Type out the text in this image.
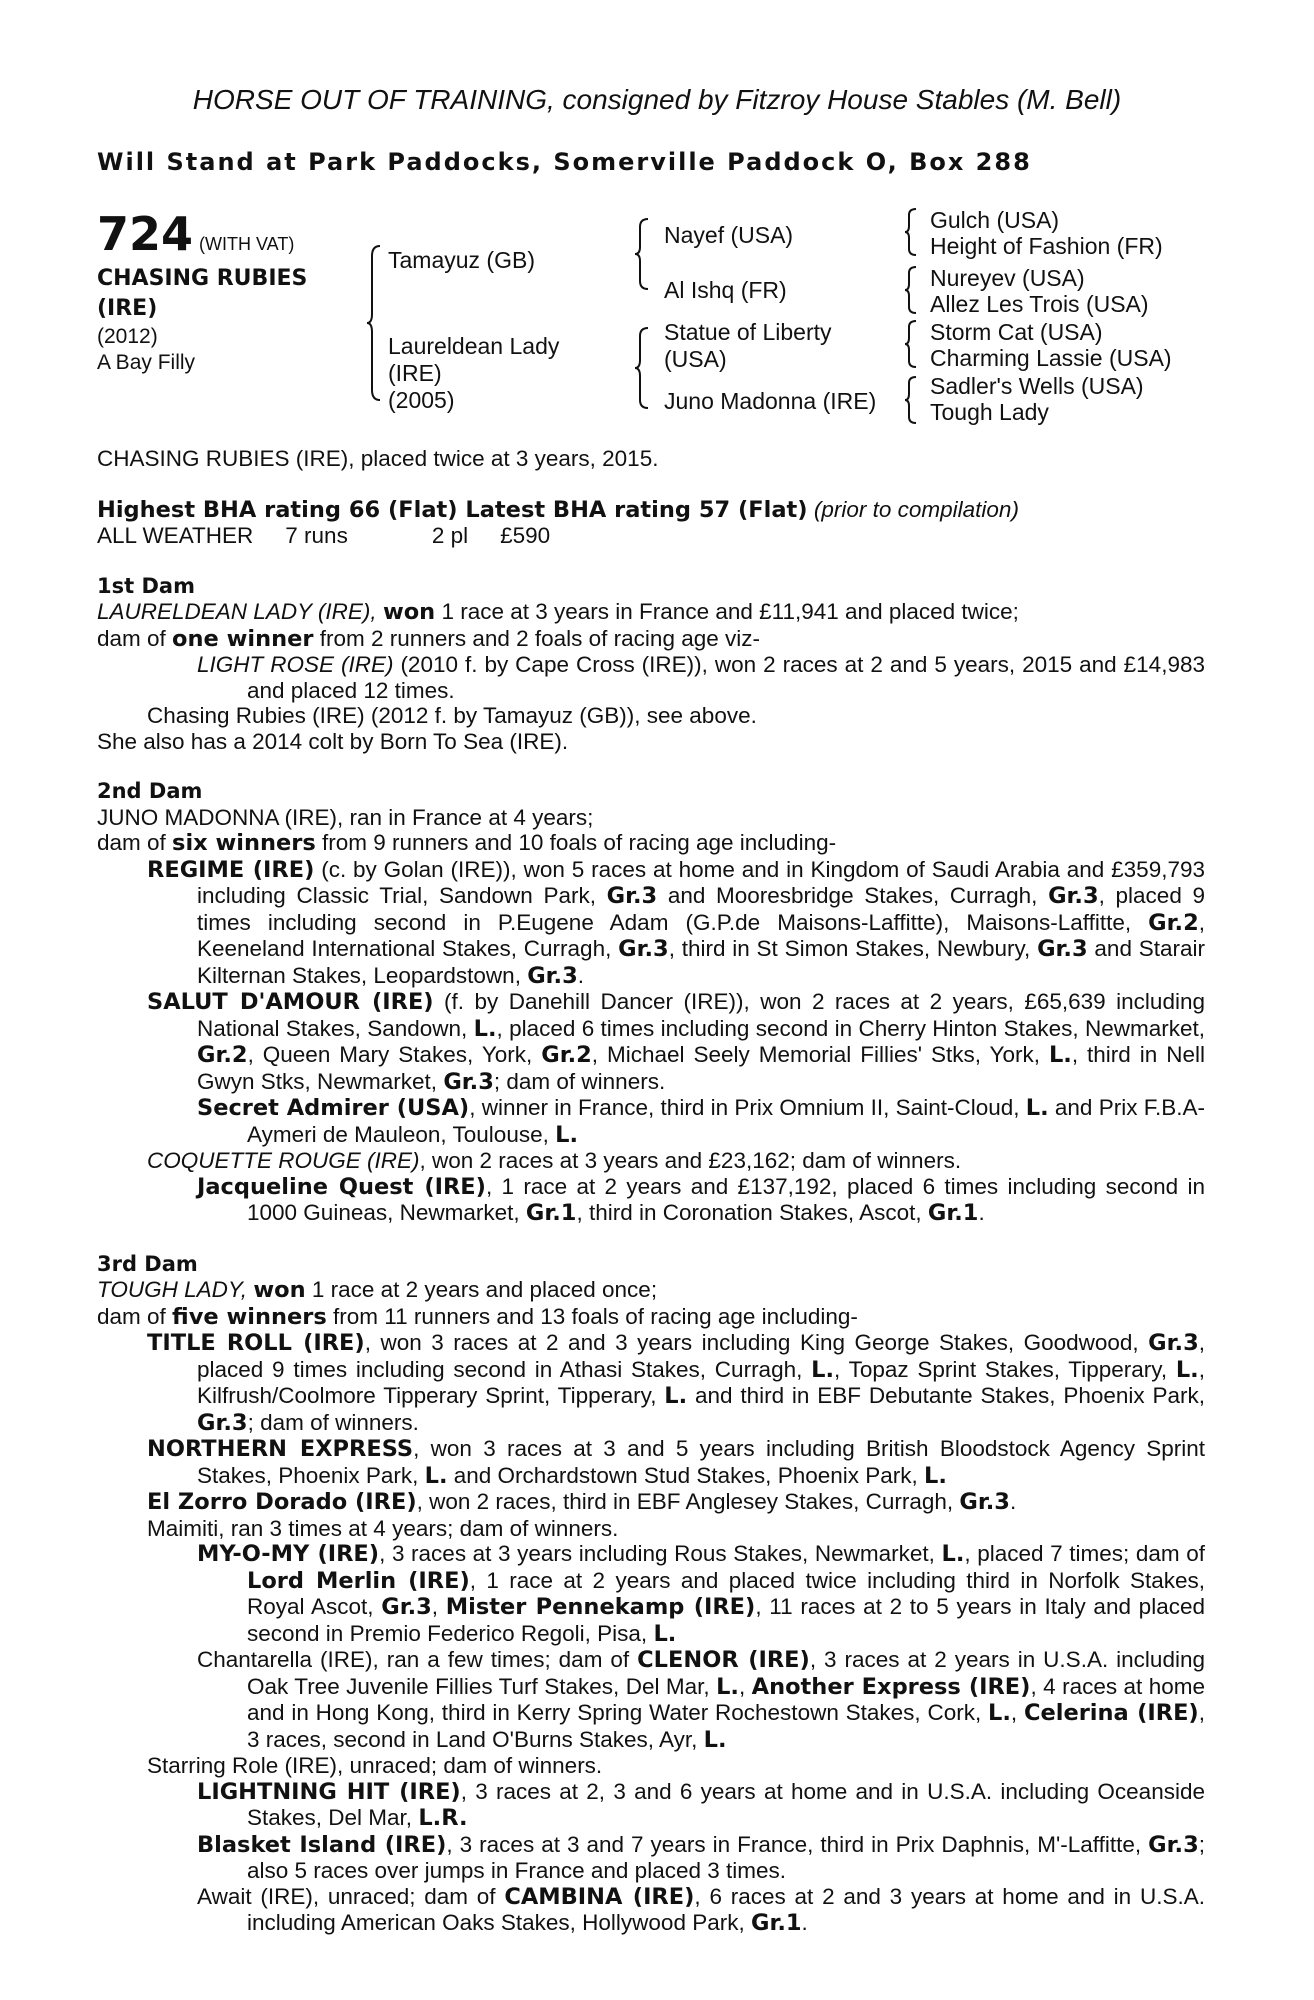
HORSE OUT OF TRAINING, consigned by Fitzroy House Stables (M. Bell)
Will Stand at Park Paddocks, Somerville Paddock O, Box 288
724 (WITH VAT)
CHASING RUBIES
(IRE)
(2012)
A Bay Filly
Tamayuz (GB)
Laureldean Lady
(IRE)
(2005)
Nayef (USA)
Al Ishq (FR)
Statue of Liberty
(USA)
Juno Madonna (IRE)
Gulch (USA)
Height of Fashion (FR)
Nureyev (USA)
Allez Les Trois (USA)
Storm Cat (USA)
Charming Lassie (USA)
Sadler's Wells (USA)
Tough Lady

CHASING RUBIES (IRE), placed twice at 3 years, 2015.

Highest BHA rating 66 (Flat) Latest BHA rating 57 (Flat) (prior to compilation)

ALL WEATHER 7 runs	2 pl £590

1st Dam

LAURELDEAN LADY (IRE), won 1 race at 3 years in France and £11,941 and placed twice;

dam of one winner from 2 runners and 2 foals of racing age viz-

LIGHT ROSE (IRE) (2010 f. by Cape Cross (IRE)), won 2 races at 2 and 5 years, 2015 and £14,983 and placed 12 times.

Chasing Rubies (IRE) (2012 f. by Tamayuz (GB)), see above.

She also has a 2014 colt by Born To Sea (IRE).

2nd Dam

JUNO MADONNA (IRE), ran in France at 4 years;

dam of six winners from 9 runners and 10 foals of racing age including-

REGIME (IRE) (c. by Golan (IRE)), won 5 races at home and in Kingdom of Saudi Arabia and £359,793 including Classic Trial, Sandown Park, Gr.3 and Mooresbridge Stakes, Curragh, Gr.3, placed 9 times including second in P.Eugene Adam (G.P.de Maisons-Laffitte), Maisons-Laffitte, Gr.2, Keeneland International Stakes, Curragh, Gr.3, third in St Simon Stakes, Newbury, Gr.3 and Starair Kilternan Stakes, Leopardstown, Gr.3.

SALUT D'AMOUR (IRE) (f. by Danehill Dancer (IRE)), won 2 races at 2 years, £65,639 including National Stakes, Sandown, L., placed 6 times including second in Cherry Hinton Stakes, Newmarket, Gr.2, Queen Mary Stakes, York, Gr.2, Michael Seely Memorial Fillies' Stks, York, L., third in Nell Gwyn Stks, Newmarket, Gr.3; dam of winners.

Secret Admirer (USA), winner in France, third in Prix Omnium II, Saint-Cloud, L. and Prix F.B.A-Aymeri de Mauleon, Toulouse, L.

COQUETTE ROUGE (IRE), won 2 races at 3 years and £23,162; dam of winners.

Jacqueline Quest (IRE), 1 race at 2 years and £137,192, placed 6 times including second in 1000 Guineas, Newmarket, Gr.1, third in Coronation Stakes, Ascot, Gr.1.

3rd Dam

TOUGH LADY, won 1 race at 2 years and placed once;

dam of five winners from 11 runners and 13 foals of racing age including-

TITLE ROLL (IRE), won 3 races at 2 and 3 years including King George Stakes, Goodwood, Gr.3, placed 9 times including second in Athasi Stakes, Curragh, L., Topaz Sprint Stakes, Tipperary, L., Kilfrush/Coolmore Tipperary Sprint, Tipperary, L. and third in EBF Debutante Stakes, Phoenix Park, Gr.3; dam of winners.

NORTHERN EXPRESS, won 3 races at 3 and 5 years including British Bloodstock Agency Sprint Stakes, Phoenix Park, L. and Orchardstown Stud Stakes, Phoenix Park, L.

El Zorro Dorado (IRE), won 2 races, third in EBF Anglesey Stakes, Curragh, Gr.3.

Maimiti, ran 3 times at 4 years; dam of winners.

MY-O-MY (IRE), 3 races at 3 years including Rous Stakes, Newmarket, L., placed 7 times; dam of Lord Merlin (IRE), 1 race at 2 years and placed twice including third in Norfolk Stakes, Royal Ascot, Gr.3, Mister Pennekamp (IRE), 11 races at 2 to 5 years in Italy and placed second in Premio Federico Regoli, Pisa, L.

Chantarella (IRE), ran a few times; dam of CLENOR (IRE), 3 races at 2 years in U.S.A. including Oak Tree Juvenile Fillies Turf Stakes, Del Mar, L., Another Express (IRE), 4 races at home and in Hong Kong, third in Kerry Spring Water Rochestown Stakes, Cork, L., Celerina (IRE), 3 races, second in Land O'Burns Stakes, Ayr, L.

Starring Role (IRE), unraced; dam of winners.

LIGHTNING HIT (IRE), 3 races at 2, 3 and 6 years at home and in U.S.A. including Oceanside Stakes, Del Mar, L.R.

Blasket Island (IRE), 3 races at 3 and 7 years in France, third in Prix Daphnis, M'-Laffitte, Gr.3; also 5 races over jumps in France and placed 3 times.

Await (IRE), unraced; dam of CAMBINA (IRE), 6 races at 2 and 3 years at home and in U.S.A. including American Oaks Stakes, Hollywood Park, Gr.1.
